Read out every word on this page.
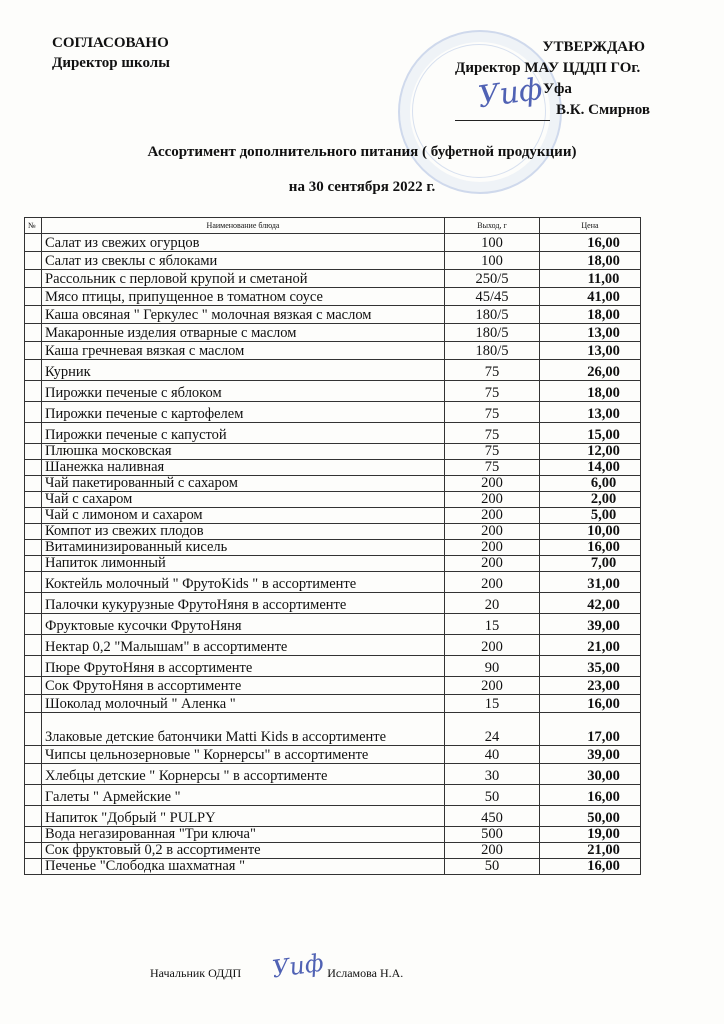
СОГЛАСОВАНО
Директор школы
УТВЕРЖДАЮ
Директор МАУ ЦДДП ГОг.
Уфа
В.К. Смирнов
Уиф
Ассортимент дополнительного питания ( буфетной продукции)
на 30 сентября 2022 г.
№	Наименование блюда	Выход, г	Цена
	Салат из свежих огурцов	100	16,00
	Салат из свеклы с яблоками	100	18,00
	Рассольник с перловой крупой и сметаной	250/5	11,00
	Мясо птицы, припущенное в томатном соусе	45/45	41,00
	Каша овсяная " Геркулес " молочная вязкая с маслом	180/5	18,00
	Макаронные изделия отварные с маслом	180/5	13,00
	Каша гречневая вязкая с маслом	180/5	13,00
	Курник	75	26,00
	Пирожки печеные с яблоком	75	18,00
	Пирожки печеные с картофелем	75	13,00
	Пирожки печеные с капустой	75	15,00
	Плюшка московская	75	12,00
	Шанежка наливная	75	14,00
	Чай пакетированный с сахаром	200	6,00
	Чай с сахаром	200	2,00
	Чай с лимоном и сахаром	200	5,00
	Компот из свежих плодов	200	10,00
	Витаминизированный кисель	200	16,00
	Напиток лимонный	200	7,00
	Коктейль молочный " ФрутоKids " в ассортименте	200	31,00
	Палочки кукурузные ФрутоНяня в ассортименте	20	42,00
	Фруктовые кусочки ФрутоНяня	15	39,00
	Нектар 0,2 "Малышам" в ассортименте	200	21,00
	Пюре ФрутоНяня в ассортименте	90	35,00
	Сок ФрутоНяня в ассортименте	200	23,00
	Шоколад молочный " Аленка "	15	16,00
	Злаковые детские батончики Matti Kids в ассортименте	24	17,00
	Чипсы цельнозерновые " Корнерсы" в ассортименте	40	39,00
	Хлебцы детские " Корнерсы " в ассортименте	30	30,00
	Галеты " Армейские "	50	16,00
	Напиток "Добрый " PULPY	450	50,00
	Вода негазированная "Три ключа"	500	19,00
	Сок фруктовый 0,2 в ассортименте	200	21,00
	Печенье "Слободка шахматная "	50	16,00
Начальник ОДДП	Исламова Н.А.
Уиф
